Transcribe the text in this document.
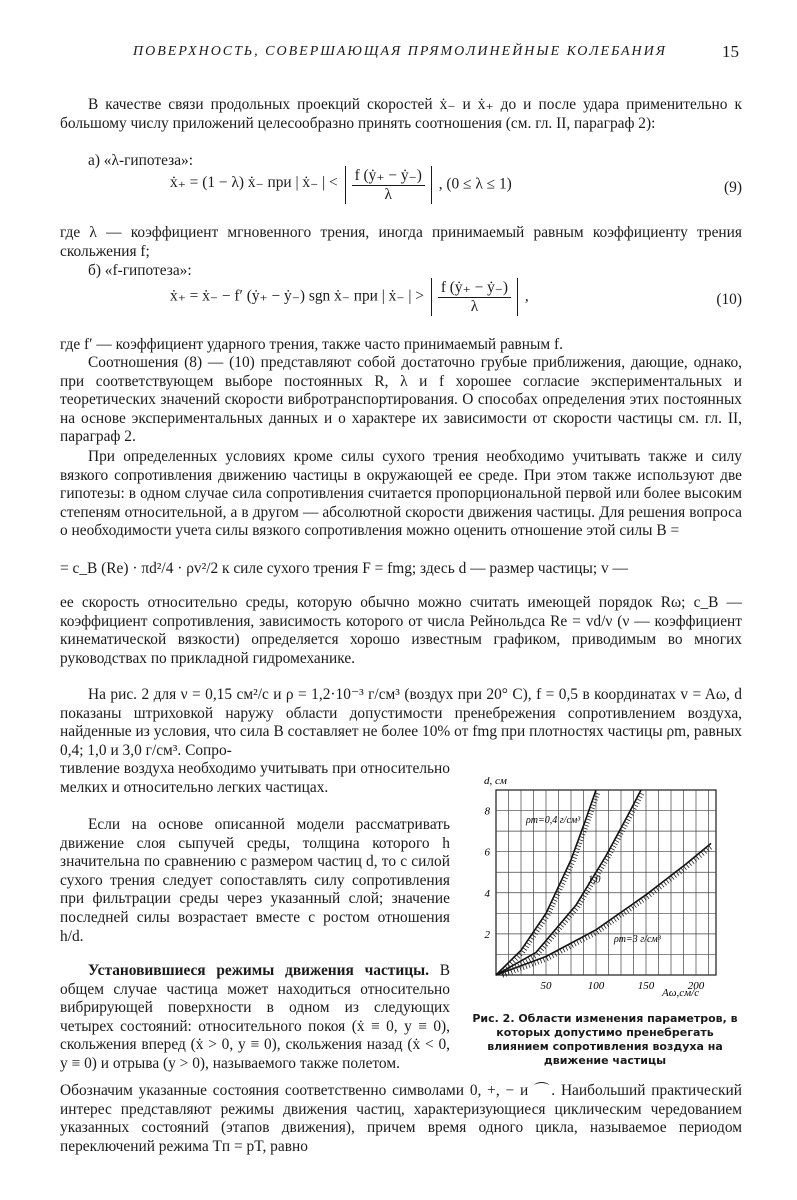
ПОВЕРХНОСТЬ, СОВЕРШАЮЩАЯ ПРЯМОЛИНЕЙНЫЕ КОЛЕБАНИЯ	15
В качестве связи продольных проекций скоростей ẋ₋ и ẋ₊ до и после удара применительно к большому числу приложений целесообразно принять соотношения (см. гл. II, параграф 2):
а) «λ-гипотеза»:
ẋ₊ = (1 − λ) ẋ₋ при | ẋ₋ | < $\frac{\text{f (ẏ₊ − ẏ₋)}}{\lambda}$ , (0 ≤ λ ≤ 1)	(9)
где λ — коэффициент мгновенного трения, иногда принимаемый равным коэффициенту трения скольжения f;
б) «f-гипотеза»:
ẋ₊ = ẋ₋ − f′ (ẏ₊ − ẏ₋) sgn ẋ₋ при | ẋ₋ | > $\frac{\text{f (ẏ₊ − ẏ₋)}}{\lambda}$ ,	(10)
где f′ — коэффициент ударного трения, также часто принимаемый равным f.
Соотношения (8) — (10) представляют собой достаточно грубые приближения, дающие, однако, при соответствующем выборе постоянных R, λ и f хорошее согласие экспериментальных и теоретических значений скорости вибротранспортирования. О способах определения этих постоянных на основе экспериментальных данных и о характере их зависимости от скорости частицы см. гл. II, параграф 2.
При определенных условиях кроме силы сухого трения необходимо учитывать также и силу вязкого сопротивления движению частицы в окружающей ее среде. При этом также используют две гипотезы: в одном случае сила сопротивления считается пропорциональной первой или более высоким степеням относительной, а в другом — абсолютной скорости движения частицы. Для решения вопроса о необходимости учета силы вязкого сопротивления можно оценить отношение этой силы B =
= c_B (Re) · πd²/4 · ρv²/2 к силе сухого трения F = fmg; здесь d — размер частицы; v —
ее скорость относительно среды, которую обычно можно считать имеющей порядок Rω; c_B — коэффициент сопротивления, зависимость которого от числа Рейнольдса Re = vd/ν (ν — коэффициент кинематической вязкости) определяется хорошо известным графиком, приводимым во многих руководствах по прикладной гидромеханике.
На рис. 2 для ν = 0,15 см²/с и ρ = 1,2·10⁻³ г/см³ (воздух при 20° С), f = 0,5 в координатах v = Aω, d показаны штриховкой наружу области допустимости пренебрежения сопротивлением воздуха, найденные из условия, что сила B составляет не более 10% от fmg при плотностях частицы ρm, равных 0,4; 1,0 и 3,0 г/см³. Сопро-
тивление воздуха необходимо учитывать при относительно мелких и относительно легких частицах.
Если на основе описанной модели рассматривать движение слоя сыпучей среды, толщина которого h значительна по сравнению с размером частиц d, то с силой сухого трения следует сопоставлять силу сопротивления при фильтрации среды через указанный слой; значение последней силы возрастает вместе с ростом отношения h/d.
Установившиеся режимы движения частицы. В общем случае частица может находиться относительно вибрирующей поверхности в одном из следующих четырех состояний: относительного покоя (ẋ ≡ 0, y ≡ 0), скольжения вперед (ẋ > 0, y ≡ 0), скольжения назад (ẋ < 0, y ≡ 0) и отрыва (y > 0), называемого также полетом.
Обозначим указанные состояния соответственно символами 0, +, − и ⌒. Наибольший практический интерес представляют режимы движения частиц, характеризующиеся циклическим чередованием указанных состояний (этапов движения), причем время одного цикла, называемое периодом переключений режима Tп = pT, равно
d, см
Aω,см/с
50	100	150	200
2
4
6
8
ρm=0,4 г/см³
1,0
ρm=3 г/см³
Рис. 2. Области изменения параметров, в которых допустимо пренебрегать влиянием сопротивления воздуха на движение частицы
